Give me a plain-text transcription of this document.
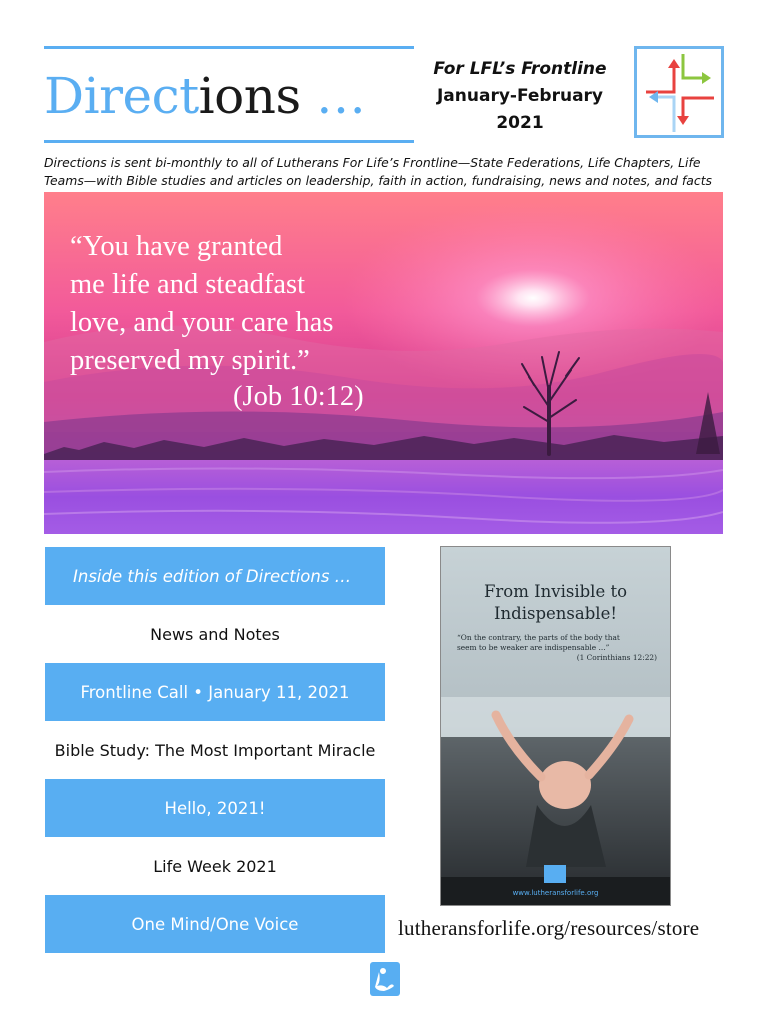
Directions …	For LFL’s Frontline
January-February
2021
Directions is sent bi-monthly to all of Lutherans For Life’s Frontline—State Federations, Life Chapters, Life Teams—with Bible studies and articles on leadership, faith in action, fundraising, news and notes, and facts
“You have granted
me life and steadfast
love, and your care has
preserved my spirit.”
(Job 10:12)
Inside this edition of Directions …
News and Notes
Frontline Call • January 11, 2021
Bible Study: The Most Important Miracle
Hello, 2021!
Life Week 2021
One Mind/One Voice
From Invisible to
Indispensable!
“On the contrary, the parts of the body that
seem to be weaker are indispensable ...”
(1 Corinthians 12:22)
www.lutheransforlife.org
lutheransforlife.org/resources/store
